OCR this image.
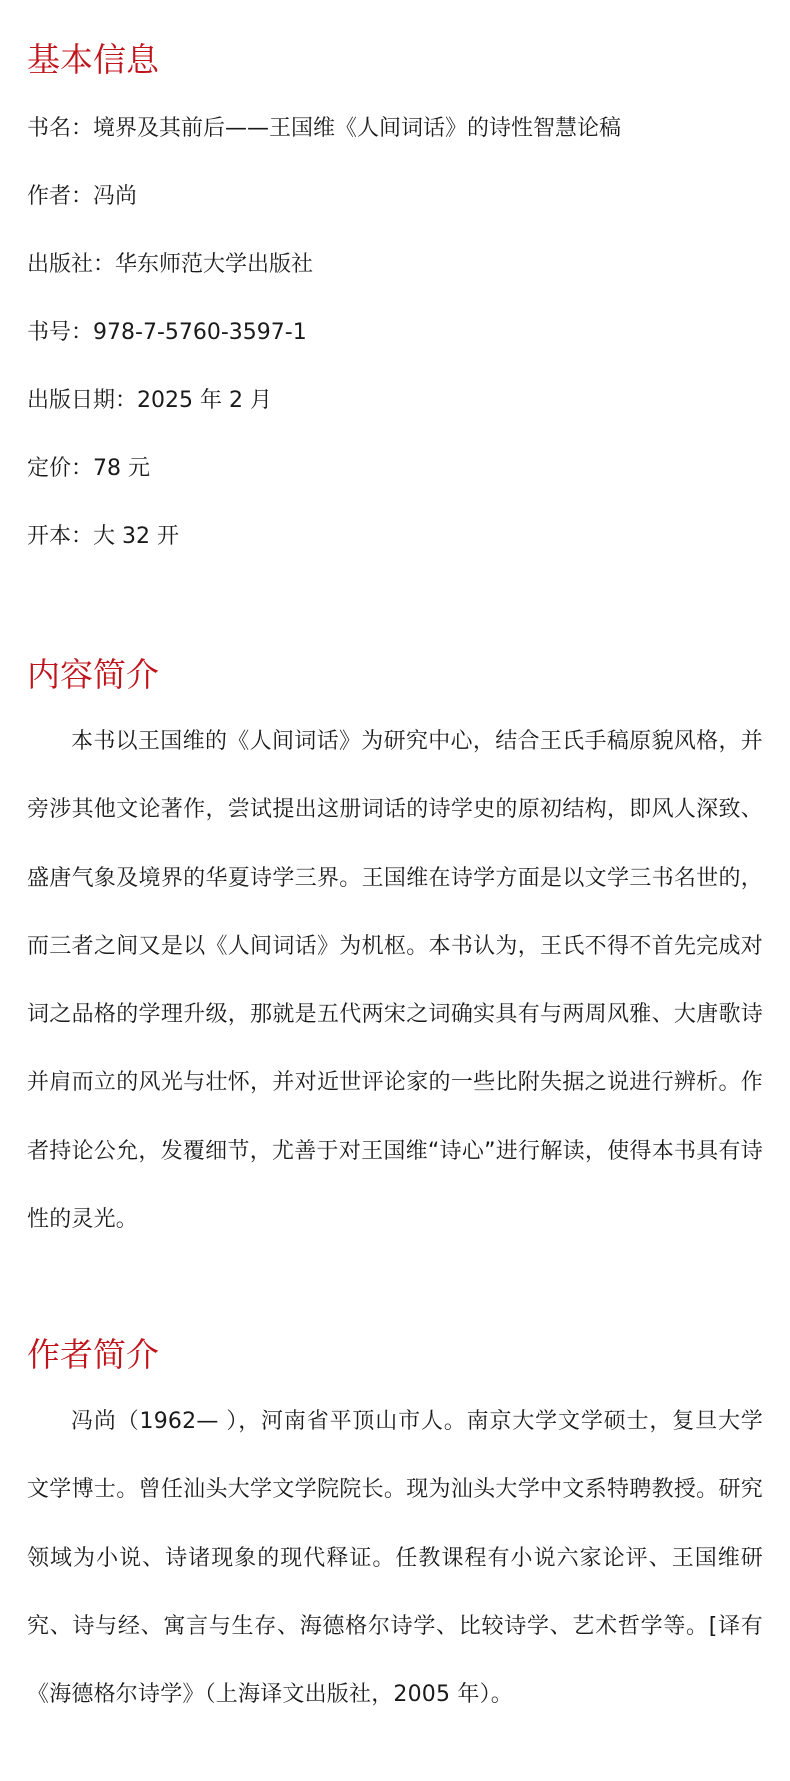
基本信息
书名：境界及其前后——王国维《人间词话》的诗性智慧论稿
作者：冯尚
出版社：华东师范大学出版社
书号：978-7-5760-3597-1
出版日期：2025 年 2 月
定价：78 元
开本：大 32 开
内容简介

本书以王国维的《人间词话》为研究中心，结合王氏手稿原貌风格，并旁涉其他文论著作，尝试提出这册词话的诗学史的原初结构，即风人深致、盛唐气象及境界的华夏诗学三界。王国维在诗学方面是以文学三书名世的，而三者之间又是以《人间词话》为机枢。本书认为，王氏不得不首先完成对词之品格的学理升级，那就是五代两宋之词确实具有与两周风雅、大唐歌诗并肩而立的风光与壮怀，并对近世评论家的一些比附失据之说进行辨析。作者持论公允，发覆细节，尤善于对王国维“诗心”进行解读，使得本书具有诗性的灵光。

作者简介

冯尚（1962— ），河南省平顶山市人。南京大学文学硕士，复旦大学文学博士。曾任汕头大学文学院院长。现为汕头大学中文系特聘教授。研究领域为小说、诗诸现象的现代释证。任教课程有小说六家论评、王国维研究、诗与经、寓言与生存、海德格尔诗学、比较诗学、艺术哲学等。[译有《海德格尔诗学》（上海译文出版社，2005 年）。
